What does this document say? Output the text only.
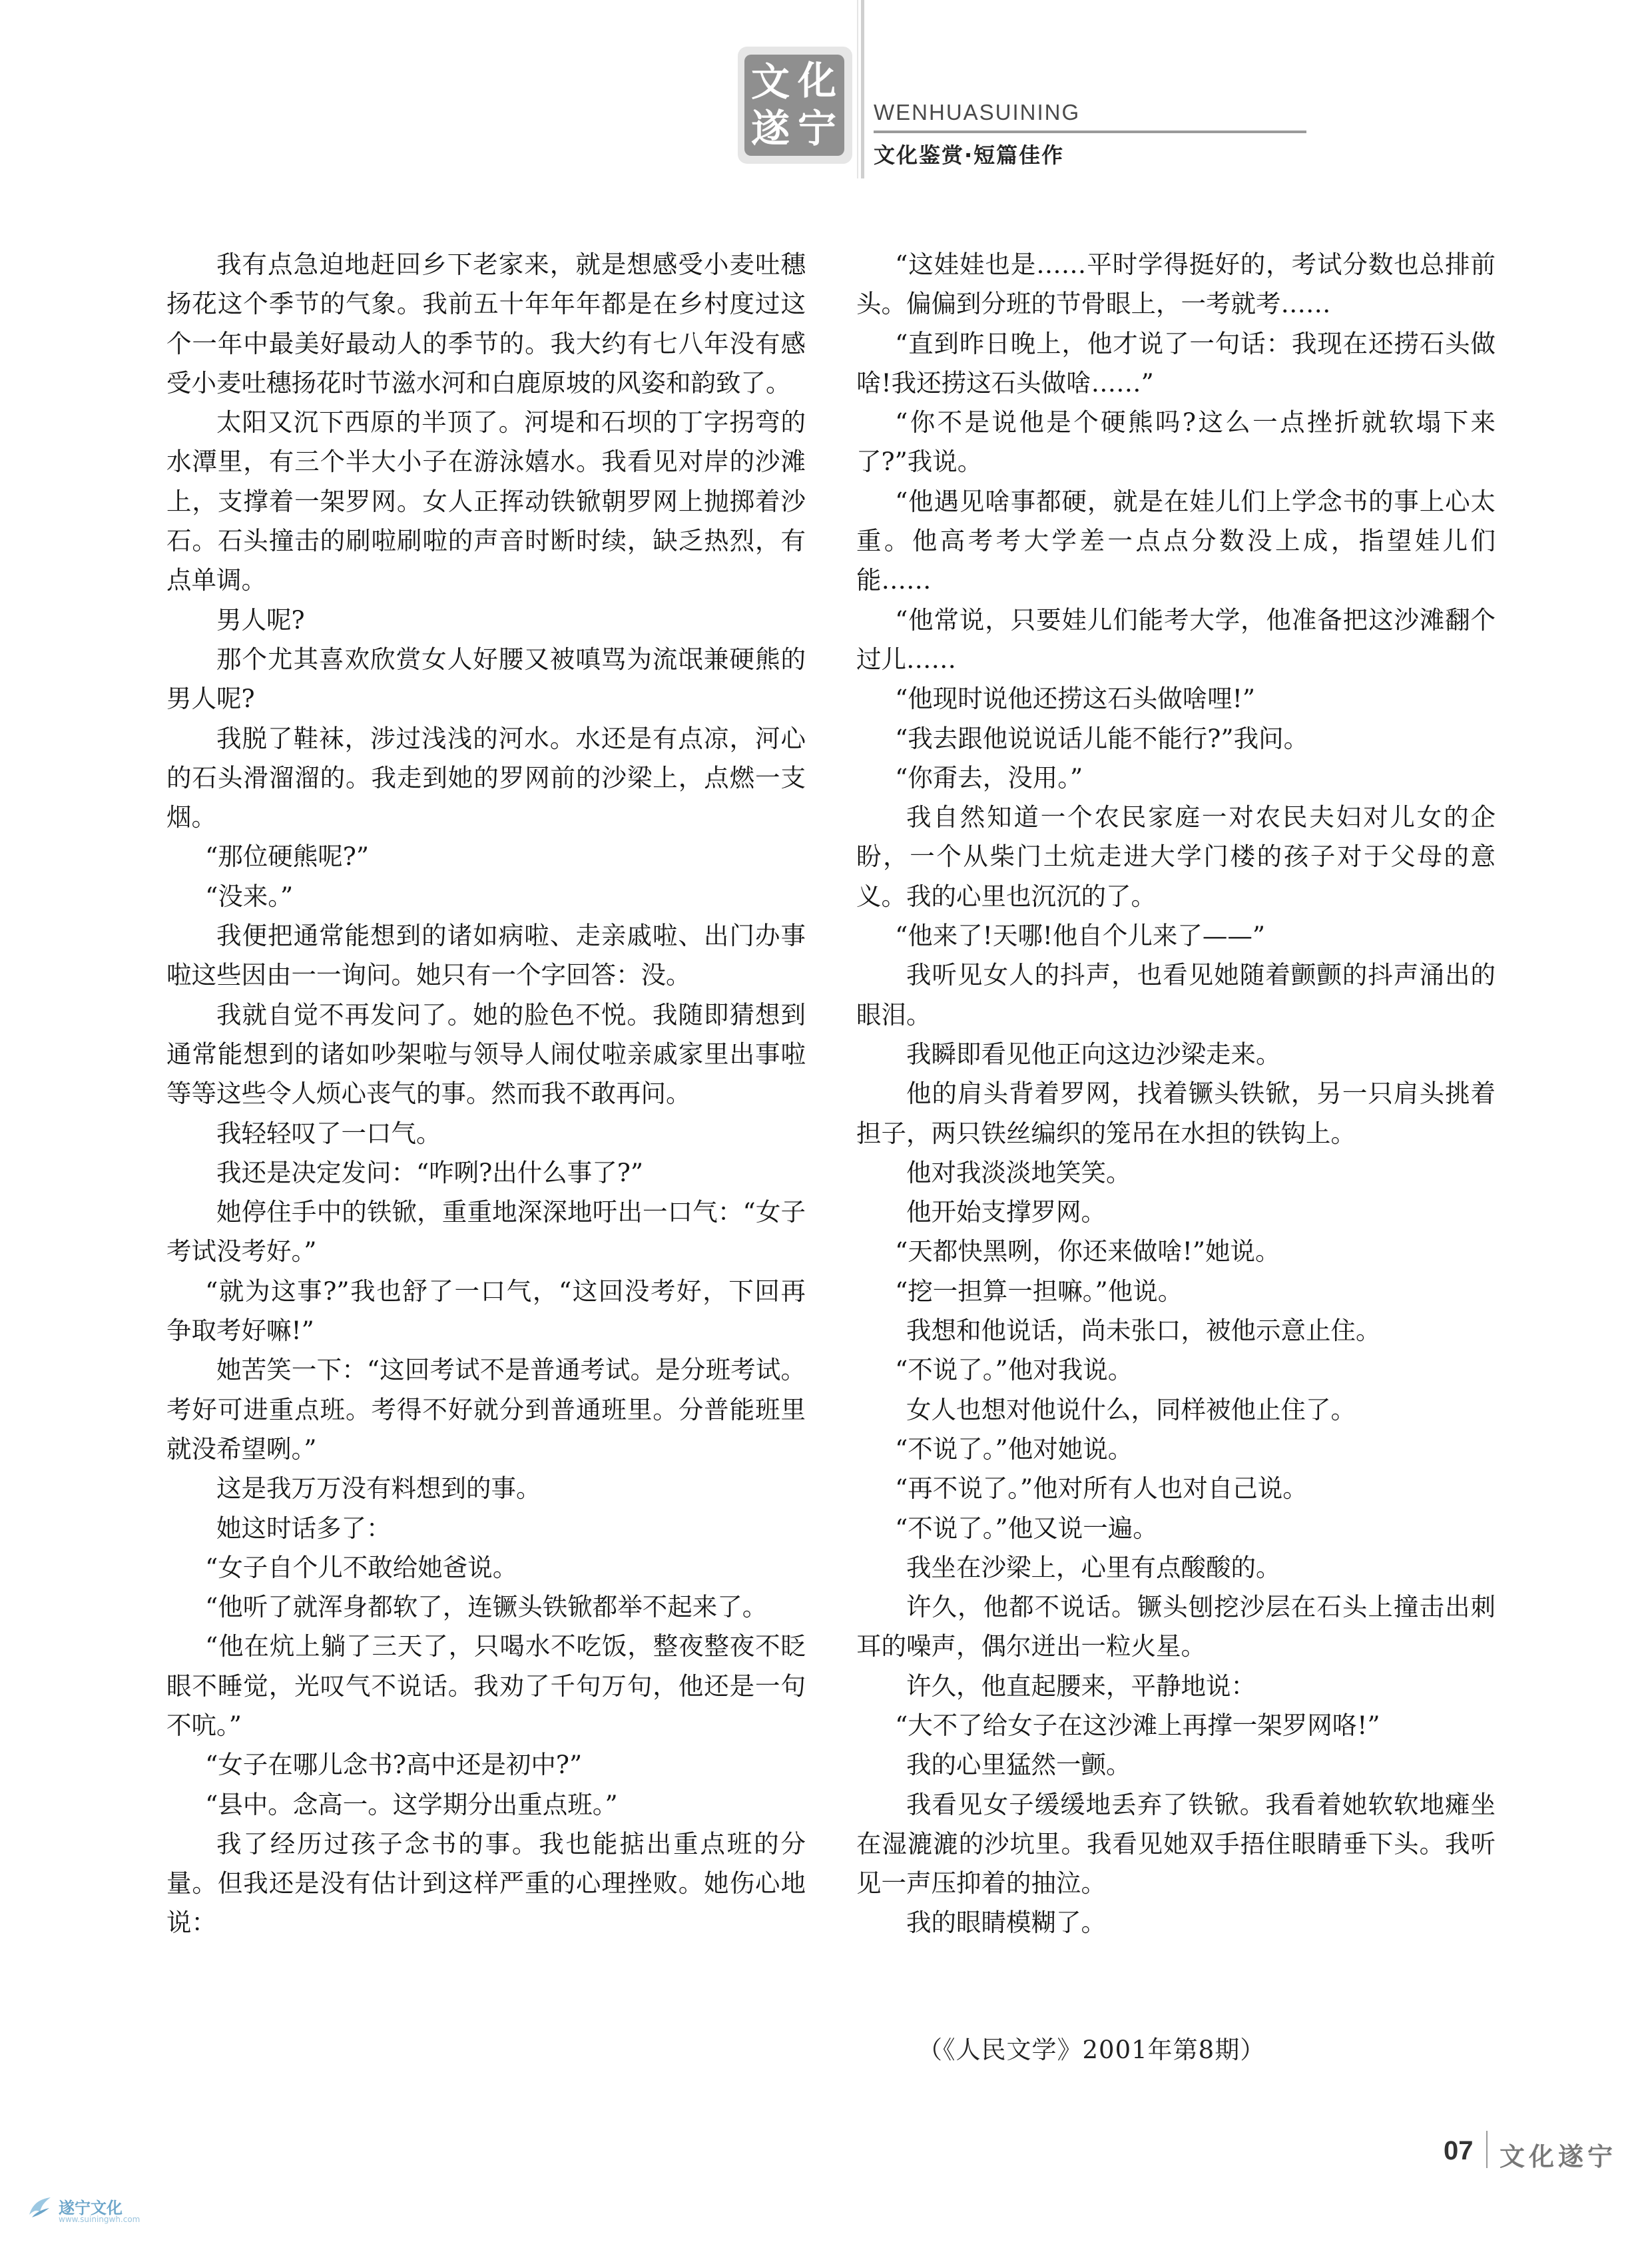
文 化
遂 宁 WENHUASUINING
文化鉴赏·短篇佳作

我有点急迫地赶回乡下老家来，就是想感受小麦吐穗扬花这个季节的气象。我前五十年年年都是在乡村度过这个一年中最美好最动人的季节的。我大约有七八年没有感受小麦吐穗扬花时节滋水河和白鹿原坡的风姿和韵致了。

太阳又沉下西原的半顶了。河堤和石坝的丁字拐弯的水潭里，有三个半大小子在游泳嬉水。我看见对岸的沙滩上，支撑着一架罗网。女人正挥动铁锨朝罗网上抛掷着沙石。石头撞击的刷啦刷啦的声音时断时续，缺乏热烈，有点单调。

男人呢?

那个尤其喜欢欣赏女人好腰又被嗔骂为流氓兼硬熊的男人呢?

我脱了鞋袜，涉过浅浅的河水。水还是有点凉，河心的石头滑溜溜的。我走到她的罗网前的沙梁上，点燃一支烟。

“那位硬熊呢?”

“没来。”

我便把通常能想到的诸如病啦、走亲戚啦、出门办事啦这些因由一一询问。她只有一个字回答：没。

我就自觉不再发问了。她的脸色不悦。我随即猜想到通常能想到的诸如吵架啦与领导人闹仗啦亲戚家里出事啦等等这些令人烦心丧气的事。然而我不敢再问。

我轻轻叹了一口气。

我还是决定发问：“咋咧?出什么事了?”

她停住手中的铁锨，重重地深深地吁出一口气：“女子考试没考好。”

“就为这事?”我也舒了一口气，“这回没考好，下回再争取考好嘛!”

她苦笑一下：“这回考试不是普通考试。是分班考试。考好可进重点班。考得不好就分到普通班里。分普能班里就没希望咧。”

这是我万万没有料想到的事。

她这时话多了：

“女子自个儿不敢给她爸说。

“他听了就浑身都软了，连镢头铁锨都举不起来了。

“他在炕上躺了三天了，只喝水不吃饭，整夜整夜不眨眼不睡觉，光叹气不说话。我劝了千句万句，他还是一句不吭。”

“女子在哪儿念书?高中还是初中?”

“县中。念高一。这学期分出重点班。”

我了经历过孩子念书的事。我也能掂出重点班的分量。但我还是没有估计到这样严重的心理挫败。她伤心地说：

“这娃娃也是……平时学得挺好的，考试分数也总排前头。偏偏到分班的节骨眼上，一考就考……

“直到昨日晚上，他才说了一句话：我现在还捞石头做啥!我还捞这石头做啥……”

“你不是说他是个硬熊吗?这么一点挫折就软塌下来了?”我说。

“他遇见啥事都硬，就是在娃儿们上学念书的事上心太重。他高考考大学差一点点分数没上成，指望娃儿们能……

“他常说，只要娃儿们能考大学，他准备把这沙滩翻个过儿……

“他现时说他还捞这石头做啥哩!”

“我去跟他说说话儿能不能行?”我问。

“你甭去，没用。”

我自然知道一个农民家庭一对农民夫妇对儿女的企盼，一个从柴门土炕走进大学门楼的孩子对于父母的意义。我的心里也沉沉的了。

“他来了!天哪!他自个儿来了——”

我听见女人的抖声，也看见她随着颤颤的抖声涌出的眼泪。

我瞬即看见他正向这边沙梁走来。

他的肩头背着罗网，找着镢头铁锨，另一只肩头挑着担子，两只铁丝编织的笼吊在水担的铁钩上。

他对我淡淡地笑笑。

他开始支撑罗网。

“天都快黑咧，你还来做啥!”她说。

“挖一担算一担嘛。”他说。

我想和他说话，尚未张口，被他示意止住。

“不说了。”他对我说。

女人也想对他说什么，同样被他止住了。

“不说了。”他对她说。

“再不说了。”他对所有人也对自己说。

“不说了。”他又说一遍。

我坐在沙梁上，心里有点酸酸的。

许久，他都不说话。镢头刨挖沙层在石头上撞击出刺耳的噪声，偶尔迸出一粒火星。

许久，他直起腰来，平静地说：

“大不了给女子在这沙滩上再撑一架罗网咯!”

我的心里猛然一颤。

我看见女子缓缓地丢弃了铁锨。我看着她软软地瘫坐在湿漉漉的沙坑里。我看见她双手捂住眼睛垂下头。我听见一声压抑着的抽泣。

我的眼睛模糊了。

（《人民文学》2001年第8期）
07 文化遂宁
遂宁文化
www.suiningwh.com
